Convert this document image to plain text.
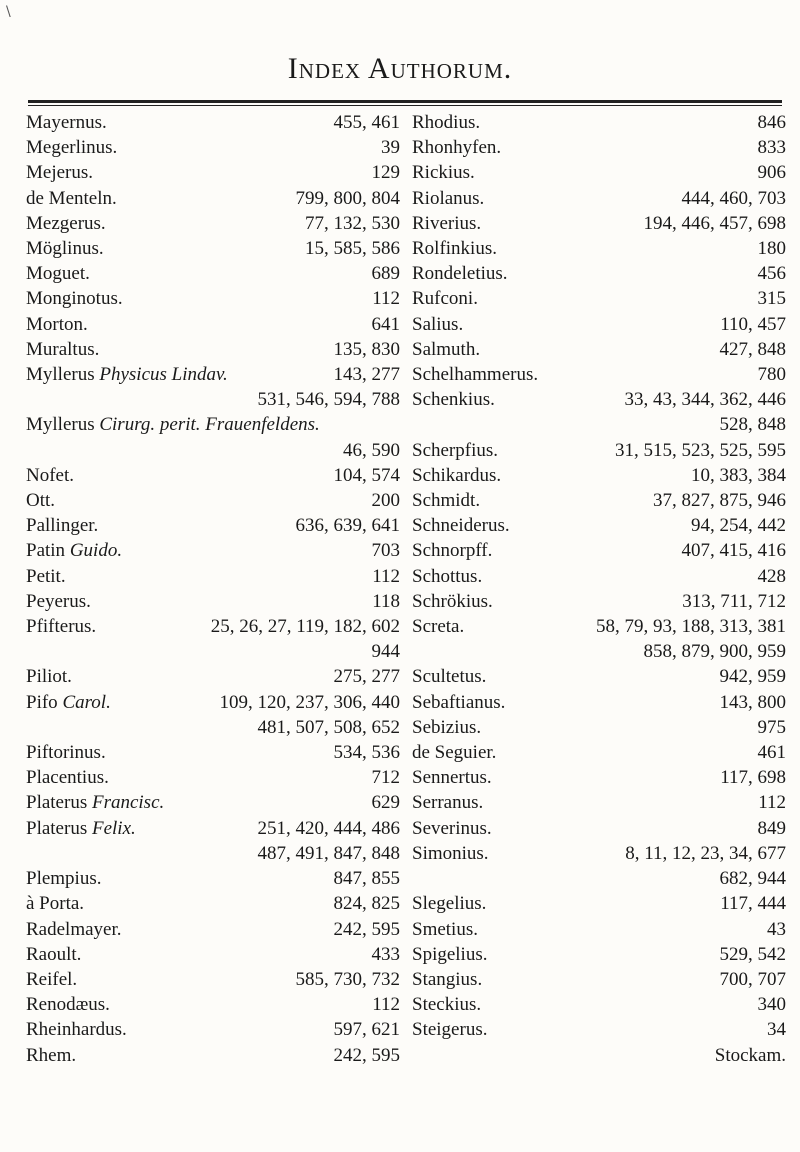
\
Index Authorum.
Mayernus.	455, 461
Megerlinus.	39
Mejerus.	129
de Menteln.	799, 800, 804
Mezgerus.	77, 132, 530
Möglinus.	15, 585, 586
Moguet.	689
Monginotus.	112
Morton.	641
Muraltus.	135, 830
Myllerus Physicus Lindav.	143, 277
531, 546, 594, 788
Myllerus Cirurg. perit. Frauenfeldens.
46, 590
Nofet.	104, 574
Ott.	200
Pallinger.	636, 639, 641
Patin Guido.	703
Petit.	112
Peyerus.	118
Pfifterus.	25, 26, 27, 119, 182, 602
944
Piliot.	275, 277
Pifo Carol.	109, 120, 237, 306, 440
481, 507, 508, 652
Piftorinus.	534, 536
Placentius.	712
Platerus Francisc.	629
Platerus Felix.	251, 420, 444, 486
487, 491, 847, 848
Plempius.	847, 855
à Porta.	824, 825
Radelmayer.	242, 595
Raoult.	433
Reifel.	585, 730, 732
Renodæus.	112
Rheinhardus.	597, 621
Rhem.	242, 595
Rhodius.	846
Rhonhyfen.	833
Rickius.	906
Riolanus.	444, 460, 703
Riverius.	194, 446, 457, 698
Rolfinkius.	180
Rondeletius.	456
Rufconi.	315
Salius.	110, 457
Salmuth.	427, 848
Schelhammerus.	780
Schenkius.	33, 43, 344, 362, 446
528, 848
Scherpfius.	31, 515, 523, 525, 595
Schikardus.	10, 383, 384
Schmidt.	37, 827, 875, 946
Schneiderus.	94, 254, 442
Schnorpff.	407, 415, 416
Schottus.	428
Schrökius.	313, 711, 712
Screta.	58, 79, 93, 188, 313, 381
858, 879, 900, 959
Scultetus.	942, 959
Sebaftianus.	143, 800
Sebizius.	975
de Seguier.	461
Sennertus.	117, 698
Serranus.	112
Severinus.	849
Simonius.	8, 11, 12, 23, 34, 677
682, 944
Slegelius.	117, 444
Smetius.	43
Spigelius.	529, 542
Stangius.	700, 707
Steckius.	340
Steigerus.	34
Stockam.
